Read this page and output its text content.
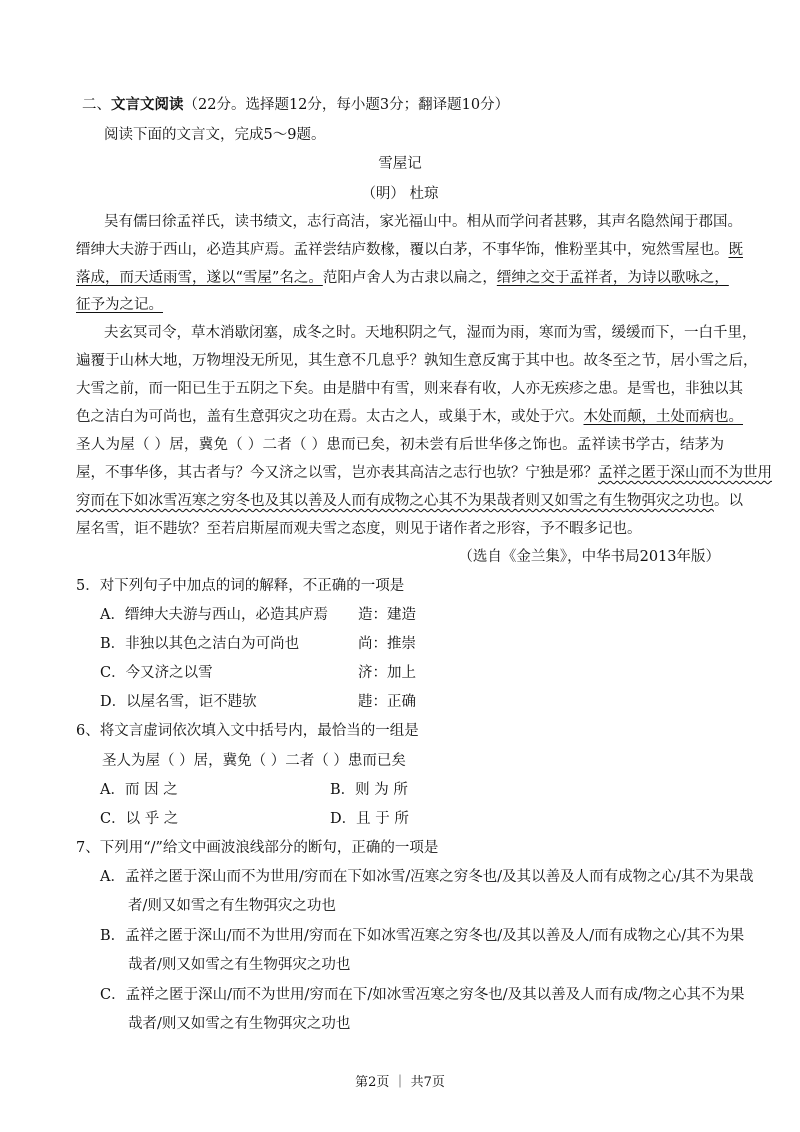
二、文言文阅读（22分。选择题12分，每小题3分；翻译题10分）
阅读下面的文言文，完成5～9题。
雪屋记
（明） 杜琼
吴有儒曰徐孟祥氏，读书绩文，志行高洁，家光福山中。相从而学问者甚夥，其声名隐然闻于郡国。
缙绅大夫游于西山，必造其庐焉。孟祥尝结庐数椽，覆以白茅，不事华饰，惟粉垩其中，宛然雪屋也。既
落成，而天适雨雪，遂以“雪屋”名之。范阳卢舍人为古隶以扁之，缙绅之交于孟祥者，为诗以歌咏之，
征予为之记。
夫玄冥司令，草木消歇闭塞，成冬之时。天地积阴之气，湿而为雨，寒而为雪，缓缓而下，一白千里，
遍覆于山林大地，万物埋没无所见，其生意不几息乎？孰知生意反寓于其中也。故冬至之节，居小雪之后，
大雪之前，而一阳已生于五阴之下矣。由是腊中有雪，则来春有收，人亦无疾疹之患。是雪也，非独以其
色之洁白为可尚也，盖有生意弭灾之功在焉。太古之人，或巢于木，或处于穴。木处而颠，土处而病也。
圣人为屋（ ）居，冀免（ ）二者（ ）患而已矣，初未尝有后世华侈之饰也。孟祥读书学古，结茅为
屋，不事华侈，其古者与？今又济之以雪，岂亦表其高洁之志行也欤？宁独是邪？孟祥之匿于深山而不为世用
穷而在下如冰雪冱寒之穷冬也及其以善及人而有成物之心其不为果哉者则又如雪之有生物弭灾之功也。以
屋名雪，讵不韪欤？至若启斯屋而观夫雪之态度，则见于诸作者之形容，予不暇多记也。
（选自《金兰集》，中华书局2013年版）
5．对下列句子中加点的词的解释，不正确的一项是
A．缙绅大夫游与西山，必造其庐焉 造：建造
B．非独以其色之洁白为可尚也	尚：推崇
C．今又济之以雪	济：加上
D．以屋名雪，讵不韪欤	韪：正确
6、将文言虚词依次填入文中括号内，最恰当的一组是
圣人为屋（ ）居，冀免（ ）二者（ ）患而已矣
A．而 因 之	B．则 为 所
C．以 乎 之	D．且 于 所
7、下列用“/”给文中画波浪线部分的断句，正确的一项是
A．孟祥之匿于深山而不为世用/穷而在下如冰雪/冱寒之穷冬也/及其以善及人而有成物之心/其不为果哉
者/则又如雪之有生物弭灾之功也
B．孟祥之匿于深山/而不为世用/穷而在下如冰雪冱寒之穷冬也/及其以善及人/而有成物之心/其不为果
哉者/则又如雪之有生物弭灾之功也
C．孟祥之匿于深山/而不为世用/穷而在下/如冰雪冱寒之穷冬也/及其以善及人而有成/物之心其不为果
哉者/则又如雪之有生物弭灾之功也
第2页 ｜ 共7页
